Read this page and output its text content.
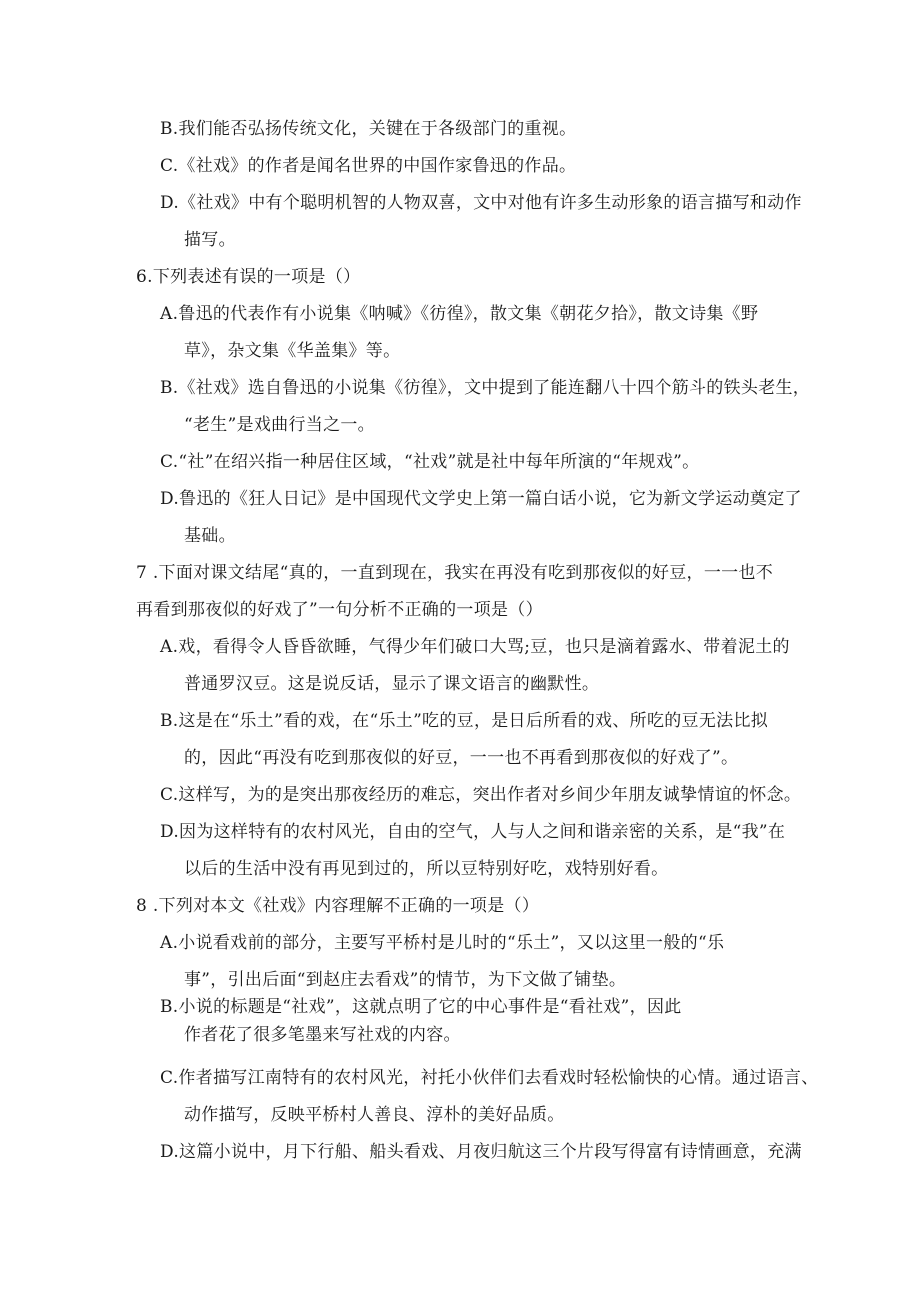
B.我们能否弘扬传统文化，关键在于各级部门的重视。

C.《社戏》的作者是闻名世界的中国作家鲁迅的作品。

D.《社戏》中有个聪明机智的人物双喜，文中对他有许多生动形象的语言描写和动作

描写。

6.下列表述有误的一项是（）

A.鲁迅的代表作有小说集《呐喊》《彷徨》，散文集《朝花夕拾》，散文诗集《野

草》，杂文集《华盖集》等。

B.《社戏》选自鲁迅的小说集《彷徨》，文中提到了能连翻八十四个筋斗的铁头老生，

“老生”是戏曲行当之一。

C.“社”在绍兴指一种居住区域，“社戏”就是社中每年所演的“年规戏”。

D.鲁迅的《狂人日记》是中国现代文学史上第一篇白话小说，它为新文学运动奠定了

基础。

7 .下面对课文结尾“真的，一直到现在，我实在再没有吃到那夜似的好豆，一一也不

再看到那夜似的好戏了”一句分析不正确的一项是（）

A.戏，看得令人昏昏欲睡，气得少年们破口大骂;豆，也只是滴着露水、带着泥土的

普通罗汉豆。这是说反话，显示了课文语言的幽默性。

B.这是在“乐土”看的戏，在“乐土”吃的豆，是日后所看的戏、所吃的豆无法比拟

的，因此“再没有吃到那夜似的好豆，一一也不再看到那夜似的好戏了”。

C.这样写，为的是突出那夜经历的难忘，突出作者对乡间少年朋友诚挚情谊的怀念。

D.因为这样特有的农村风光，自由的空气，人与人之间和谐亲密的关系，是“我”在

以后的生活中没有再见到过的，所以豆特别好吃，戏特别好看。

8 .下列对本文《社戏》内容理解不正确的一项是（）

A.小说看戏前的部分，主要写平桥村是儿时的“乐土”，又以这里一般的“乐

事”，引出后面“到赵庄去看戏”的情节，为下文做了铺垫。

B.小说的标题是“社戏”，这就点明了它的中心事件是“看社戏”，因此

作者花了很多笔墨来写社戏的内容。

C.作者描写江南特有的农村风光，衬托小伙伴们去看戏时轻松愉快的心情。通过语言、

动作描写，反映平桥村人善良、淳朴的美好品质。

D.这篇小说中，月下行船、船头看戏、月夜归航这三个片段写得富有诗情画意，充满
